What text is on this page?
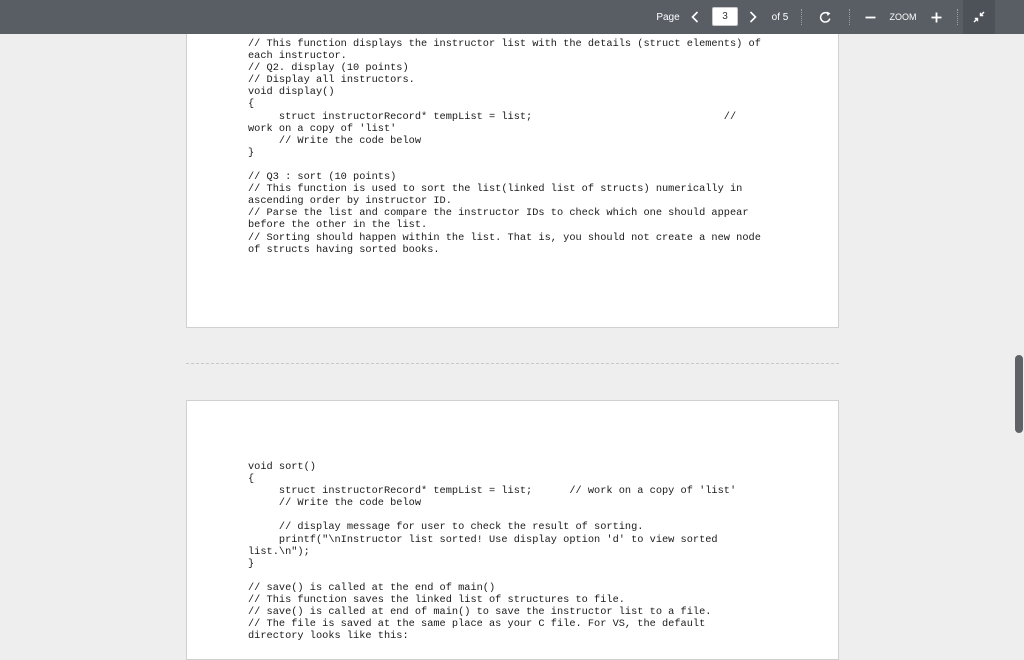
Page
3	of 5	ZOOM
// This function displays the instructor list with the details (struct elements) of
each instructor.
// Q2. display (10 points)
// Display all instructors.
void display()
{
struct instructorRecord* tempList = list;                               //
work on a copy of 'list'
// Write the code below
}

// Q3 : sort (10 points)
// This function is used to sort the list(linked list of structs) numerically in
ascending order by instructor ID.
// Parse the list and compare the instructor IDs to check which one should appear
before the other in the list.
// Sorting should happen within the list. That is, you should not create a new node
of structs having sorted books.
void sort()
{
struct instructorRecord* tempList = list;      // work on a copy of 'list'
// Write the code below

// display message for user to check the result of sorting.
printf("\nInstructor list sorted! Use display option 'd' to view sorted
list.\n");
}

// save() is called at the end of main()
// This function saves the linked list of structures to file.
// save() is called at end of main() to save the instructor list to a file.
// The file is saved at the same place as your C file. For VS, the default
directory looks like this:
